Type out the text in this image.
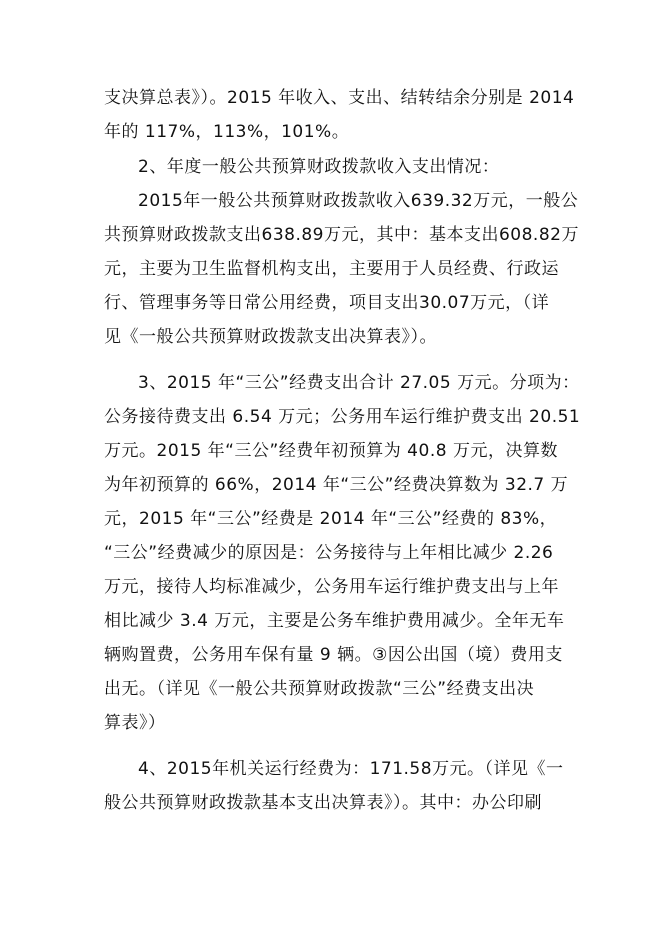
支决算总表》）。2015 年收入、支出、结转结余分别是 2014
年的 117%，113%，101%。
2、年度一般公共预算财政拨款收入支出情况：
2015年一般公共预算财政拨款收入639.32万元，一般公
共预算财政拨款支出638.89万元，其中：基本支出608.82万
元，主要为卫生监督机构支出，主要用于人员经费、行政运
行、管理事务等日常公用经费，项目支出30.07万元，（详
见《一般公共预算财政拨款支出决算表》）。
3、2015 年“三公”经费支出合计 27.05 万元。分项为：
公务接待费支出 6.54 万元；公务用车运行维护费支出 20.51
万元。2015 年“三公”经费年初预算为 40.8 万元，决算数
为年初预算的 66%，2014 年“三公”经费决算数为 32.7 万
元，2015 年“三公”经费是 2014 年“三公”经费的 83%，
“三公”经费减少的原因是：公务接待与上年相比减少 2.26
万元，接待人均标准减少，公务用车运行维护费支出与上年
相比减少 3.4 万元，主要是公务车维护费用减少。全年无车
辆购置费，公务用车保有量 9 辆。③因公出国（境）费用支
出无。（详见《一般公共预算财政拨款“三公”经费支出决
算表》）
4、2015年机关运行经费为：171.58万元。（详见《一
般公共预算财政拨款基本支出决算表》）。其中：办公印刷
